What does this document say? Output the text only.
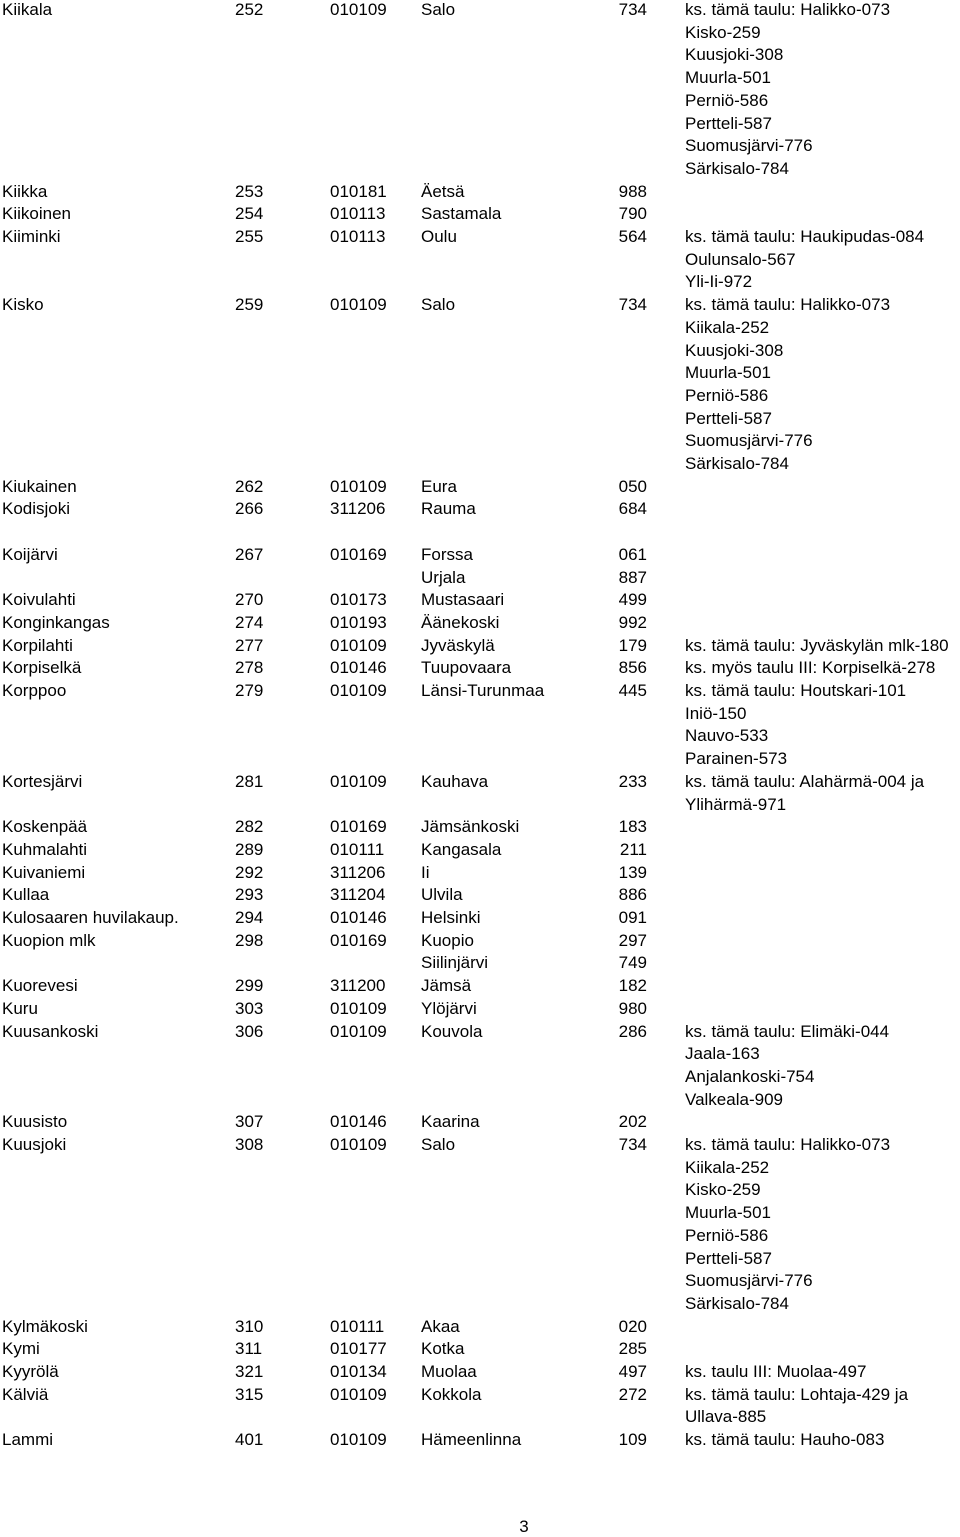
Kiikala	252	010109 Salo	734 ks. tämä taulu: Halikko-073
Kisko-259
Kuusjoki-308
Muurla-501
Perniö-586
Pertteli-587
Suomusjärvi-776
Särkisalo-784
Kiikka	253	010181 Äetsä	988
Kiikoinen	254	010113 Sastamala	790
Kiiminki	255	010113 Oulu	564 ks. tämä taulu: Haukipudas-084
Oulunsalo-567
Yli-Ii-972
Kisko	259	010109 Salo	734 ks. tämä taulu: Halikko-073
Kiikala-252
Kuusjoki-308
Muurla-501
Perniö-586
Pertteli-587
Suomusjärvi-776
Särkisalo-784
Kiukainen	262	010109 Eura	050
Kodisjoki	266	311206 Rauma	684
Koijärvi	267	010169 Forssa	061
Urjala	887
Koivulahti	270	010173 Mustasaari	499
Konginkangas	274	010193 Äänekoski	992
Korpilahti	277	010109 Jyväskylä	179 ks. tämä taulu: Jyväskylän mlk-180
Korpiselkä	278	010146 Tuupovaara	856 ks. myös taulu III: Korpiselkä-278
Korppoo	279	010109 Länsi-Turunmaa	445 ks. tämä taulu: Houtskari-101
Iniö-150
Nauvo-533
Parainen-573
Kortesjärvi	281	010109 Kauhava	233 ks. tämä taulu: Alahärmä-004 ja
Ylihärmä-971
Koskenpää	282	010169 Jämsänkoski	183
Kuhmalahti	289	010111 Kangasala	211
Kuivaniemi	292	311206 Ii	139
Kullaa	293	311204 Ulvila	886
Kulosaaren huvilakaup.	294	010146 Helsinki	091
Kuopion mlk	298	010169 Kuopio	297
Siilinjärvi	749
Kuorevesi	299	311200 Jämsä	182
Kuru	303	010109 Ylöjärvi	980
Kuusankoski	306	010109 Kouvola	286 ks. tämä taulu: Elimäki-044
Jaala-163
Anjalankoski-754
Valkeala-909
Kuusisto	307	010146 Kaarina	202
Kuusjoki	308	010109 Salo	734 ks. tämä taulu: Halikko-073
Kiikala-252
Kisko-259
Muurla-501
Perniö-586
Pertteli-587
Suomusjärvi-776
Särkisalo-784
Kylmäkoski	310	010111 Akaa	020
Kymi	311	010177 Kotka	285
Kyyrölä	321	010134 Muolaa	497 ks. taulu III: Muolaa-497
Kälviä	315	010109 Kokkola	272 ks. tämä taulu: Lohtaja-429 ja
Ullava-885
Lammi	401	010109 Hämeenlinna	109 ks. tämä taulu: Hauho-083
3
